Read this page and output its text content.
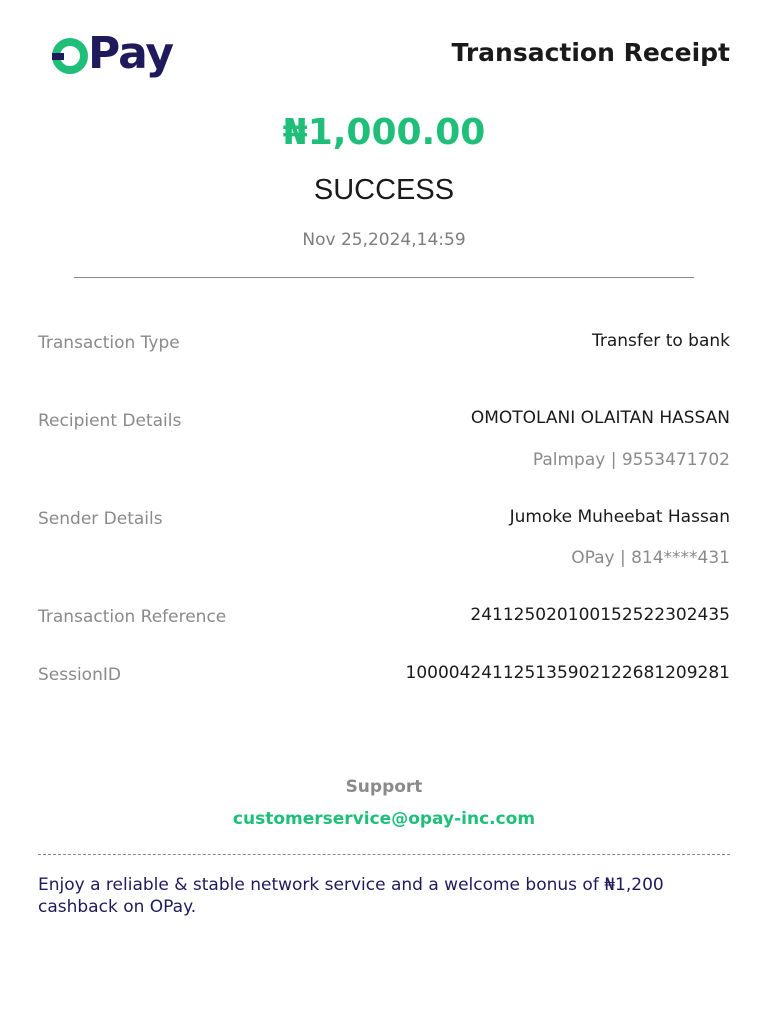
Pay	Transaction Receipt
₦1,000.00
SUCCESS
Nov 25,2024,14:59
Transaction Type	Transfer to bank
Recipient Details	OMOTOLANI OLAITAN HASSAN
Palmpay | 9553471702
Sender Details	Jumoke Muheebat Hassan
OPay | 814****431
Transaction Reference	241125020100152522302435
SessionID	100004241125135902122681209281
Support
customerservice@opay-inc.com
Enjoy a reliable & stable network service and a welcome bonus of ₦1,200 cashback on OPay.
